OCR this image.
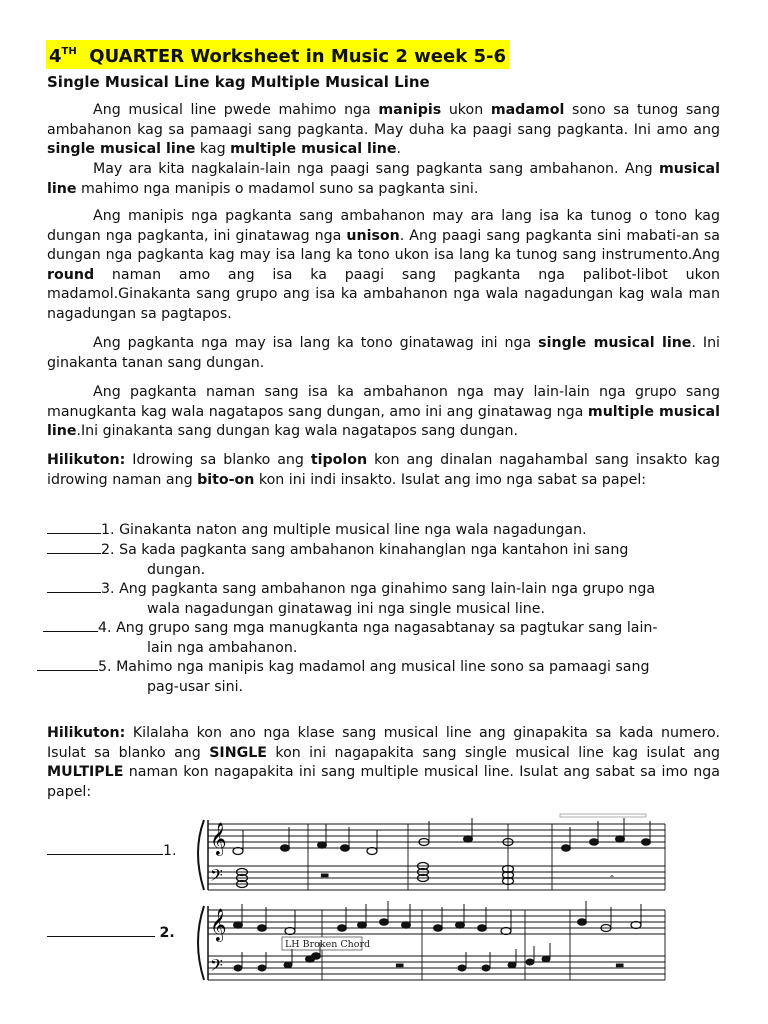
4TH QUARTER Worksheet in Music 2 week 5-6
Single Musical Line kag Multiple Musical Line
Ang musical line pwede mahimo nga manipis ukon madamol sono sa tunog sang ambahanon kag sa pamaagi sang pagkanta. May duha ka paagi sang pagkanta. Ini amo ang single musical line kag multiple musical line.
May ara kita nagkalain-lain nga paagi sang pagkanta sang ambahanon. Ang musical line mahimo nga manipis o madamol suno sa pagkanta sini.
Ang manipis nga pagkanta sang ambahanon may ara lang isa ka tunog o tono kag dungan nga pagkanta, ini ginatawag nga unison. Ang paagi sang pagkanta sini mabati-an sa dungan nga pagkanta kag may isa lang ka tono ukon isa lang ka tunog sang instrumento.Ang round naman amo ang isa ka paagi sang pagkanta nga palibot-libot ukon madamol.Ginakanta sang grupo ang isa ka ambahanon nga wala nagadungan kag wala man nagadungan sa pagtapos.
Ang pagkanta nga may isa lang ka tono ginatawag ini nga single musical line. Ini ginakanta tanan sang dungan.
Ang pagkanta naman sang isa ka ambahanon nga may lain-lain nga grupo sang manugkanta kag wala nagatapos sang dungan, amo ini ang ginatawag nga multiple musical line.Ini ginakanta sang dungan kag wala nagatapos sang dungan.
Hilikuton: Idrowing sa blanko ang tipolon kon ang dinalan nagahambal sang insakto kag idrowing naman ang bito-on kon ini indi insakto. Isulat ang imo nga sabat sa papel:
1. Ginakanta naton ang multiple musical line nga wala nagadungan.
2. Sa kada pagkanta sang ambahanon kinahanglan nga kantahon ini sang
dungan.
3. Ang pagkanta sang ambahanon nga ginahimo sang lain-lain nga grupo nga
wala nagadungan ginatawag ini nga single musical line.
4. Ang grupo sang mga manugkanta nga nagasabtanay sa pagtukar sang lain-
lain nga ambahanon.
5. Mahimo nga manipis kag madamol ang musical line sono sa pamaagi sang
pag-usar sini.
Hilikuton: Kilalaha kon ano nga klase sang musical line ang ginapakita sa kada numero. Isulat sa blanko ang SINGLE kon ini nagapakita sang single musical line kag isulat ang MULTIPLE naman kon nagapakita ini sang multiple musical line. Isulat ang sabat sa imo nga papel:
1.
2.
𝄞
𝄢	𝄼
▬
𝄞
𝄢
LH Broken Chord
▬	▬
